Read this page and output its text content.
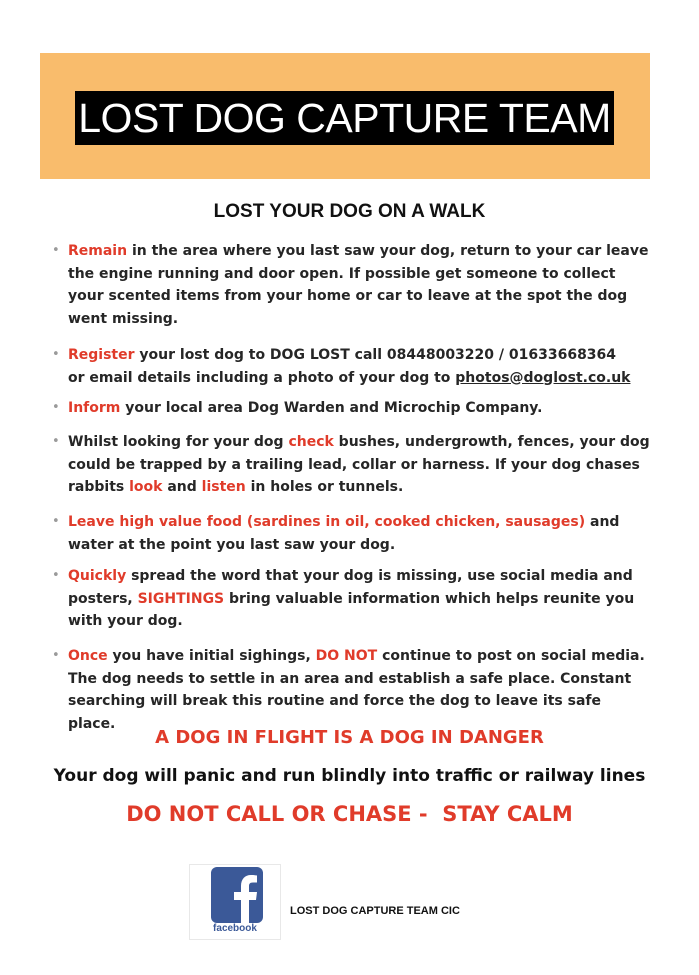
LOST DOG CAPTURE TEAM
LOST YOUR DOG ON A WALK
• Remain in the area where you last saw your dog, return to your car leave
the engine running and door open. If possible get someone to collect
your scented items from your home or car to leave at the spot the dog
went missing.
• Register your lost dog to DOG LOST call 08448003220 / 01633668364
or email details including a photo of your dog to photos@doglost.co.uk
• Inform your local area Dog Warden and Microchip Company.
• Whilst looking for your dog check bushes, undergrowth, fences, your dog
could be trapped by a trailing lead, collar or harness. If your dog chases
rabbits look and listen in holes or tunnels.
• Leave high value food (sardines in oil, cooked chicken, sausages) and
water at the point you last saw your dog.
• Quickly spread the word that your dog is missing, use social media and
posters, SIGHTINGS bring valuable information which helps reunite you
with your dog.
• Once you have initial sighings, DO NOT continue to post on social media.
The dog needs to settle in an area and establish a safe place. Constant
searching will break this routine and force the dog to leave its safe place.
A DOG IN FLIGHT IS A DOG IN DANGER
Your dog will panic and run blindly into traffic or railway lines
DO NOT CALL OR CHASE -  STAY CALM
facebook
LOST DOG CAPTURE TEAM CIC
